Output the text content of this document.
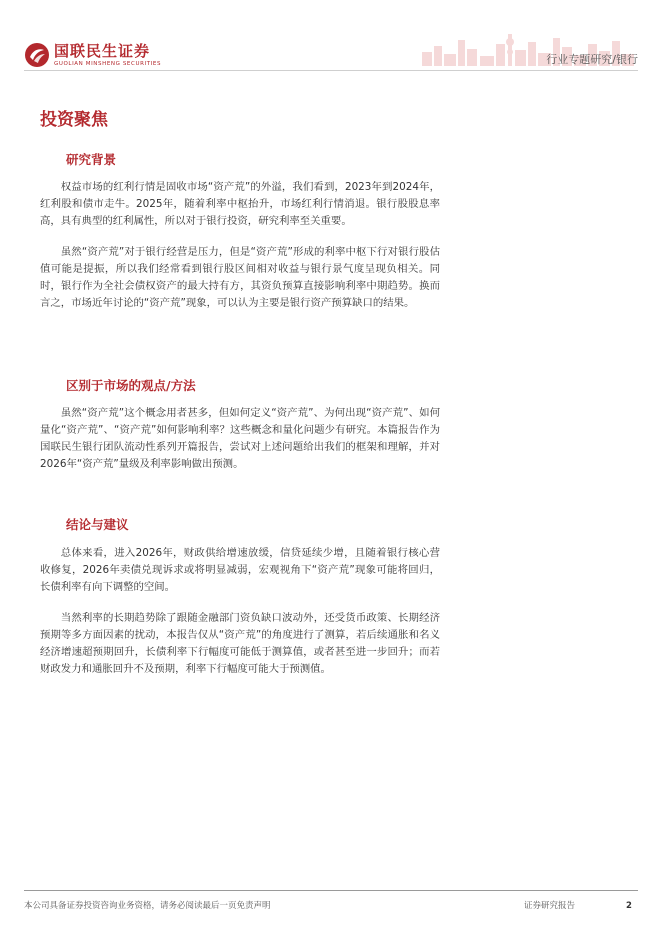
国联民生证券
GUOLIAN MINSHENG SECURITIES	行业专题研究/银行
投资聚焦
研究背景

权益市场的红利行情是固收市场“资产荒”的外溢，我们看到，2023年到2024年，红利股和债市走牛。2025年，随着利率中枢抬升，市场红利行情消退。银行股股息率高，具有典型的红利属性，所以对于银行投资，研究利率至关重要。

虽然“资产荒”对于银行经营是压力，但是“资产荒”形成的利率中枢下行对银行股估值可能是提振，所以我们经常看到银行股区间相对收益与银行景气度呈现负相关。同时，银行作为全社会债权资产的最大持有方，其资负预算直接影响利率中期趋势。换而言之，市场近年讨论的“资产荒”现象，可以认为主要是银行资产预算缺口的结果。

区别于市场的观点/方法

虽然“资产荒”这个概念用者甚多，但如何定义“资产荒”、为何出现“资产荒”、如何量化“资产荒”、“资产荒”如何影响利率？这些概念和量化问题少有研究。本篇报告作为国联民生银行团队流动性系列开篇报告，尝试对上述问题给出我们的框架和理解，并对2026年“资产荒”量级及利率影响做出预测。

结论与建议

总体来看，进入2026年，财政供给增速放缓，信贷延续少增，且随着银行核心营收修复，2026年卖债兑现诉求或将明显减弱，宏观视角下“资产荒”现象可能将回归，长债利率有向下调整的空间。

当然利率的长期趋势除了跟随金融部门资负缺口波动外，还受货币政策、长期经济预期等多方面因素的扰动，本报告仅从“资产荒”的角度进行了测算，若后续通胀和名义经济增速超预期回升，长债利率下行幅度可能低于测算值，或者甚至进一步回升；而若财政发力和通胀回升不及预期，利率下行幅度可能大于预测值。

本公司具备证券投资咨询业务资格，请务必阅读最后一页免责声明	证券研究报告	2
